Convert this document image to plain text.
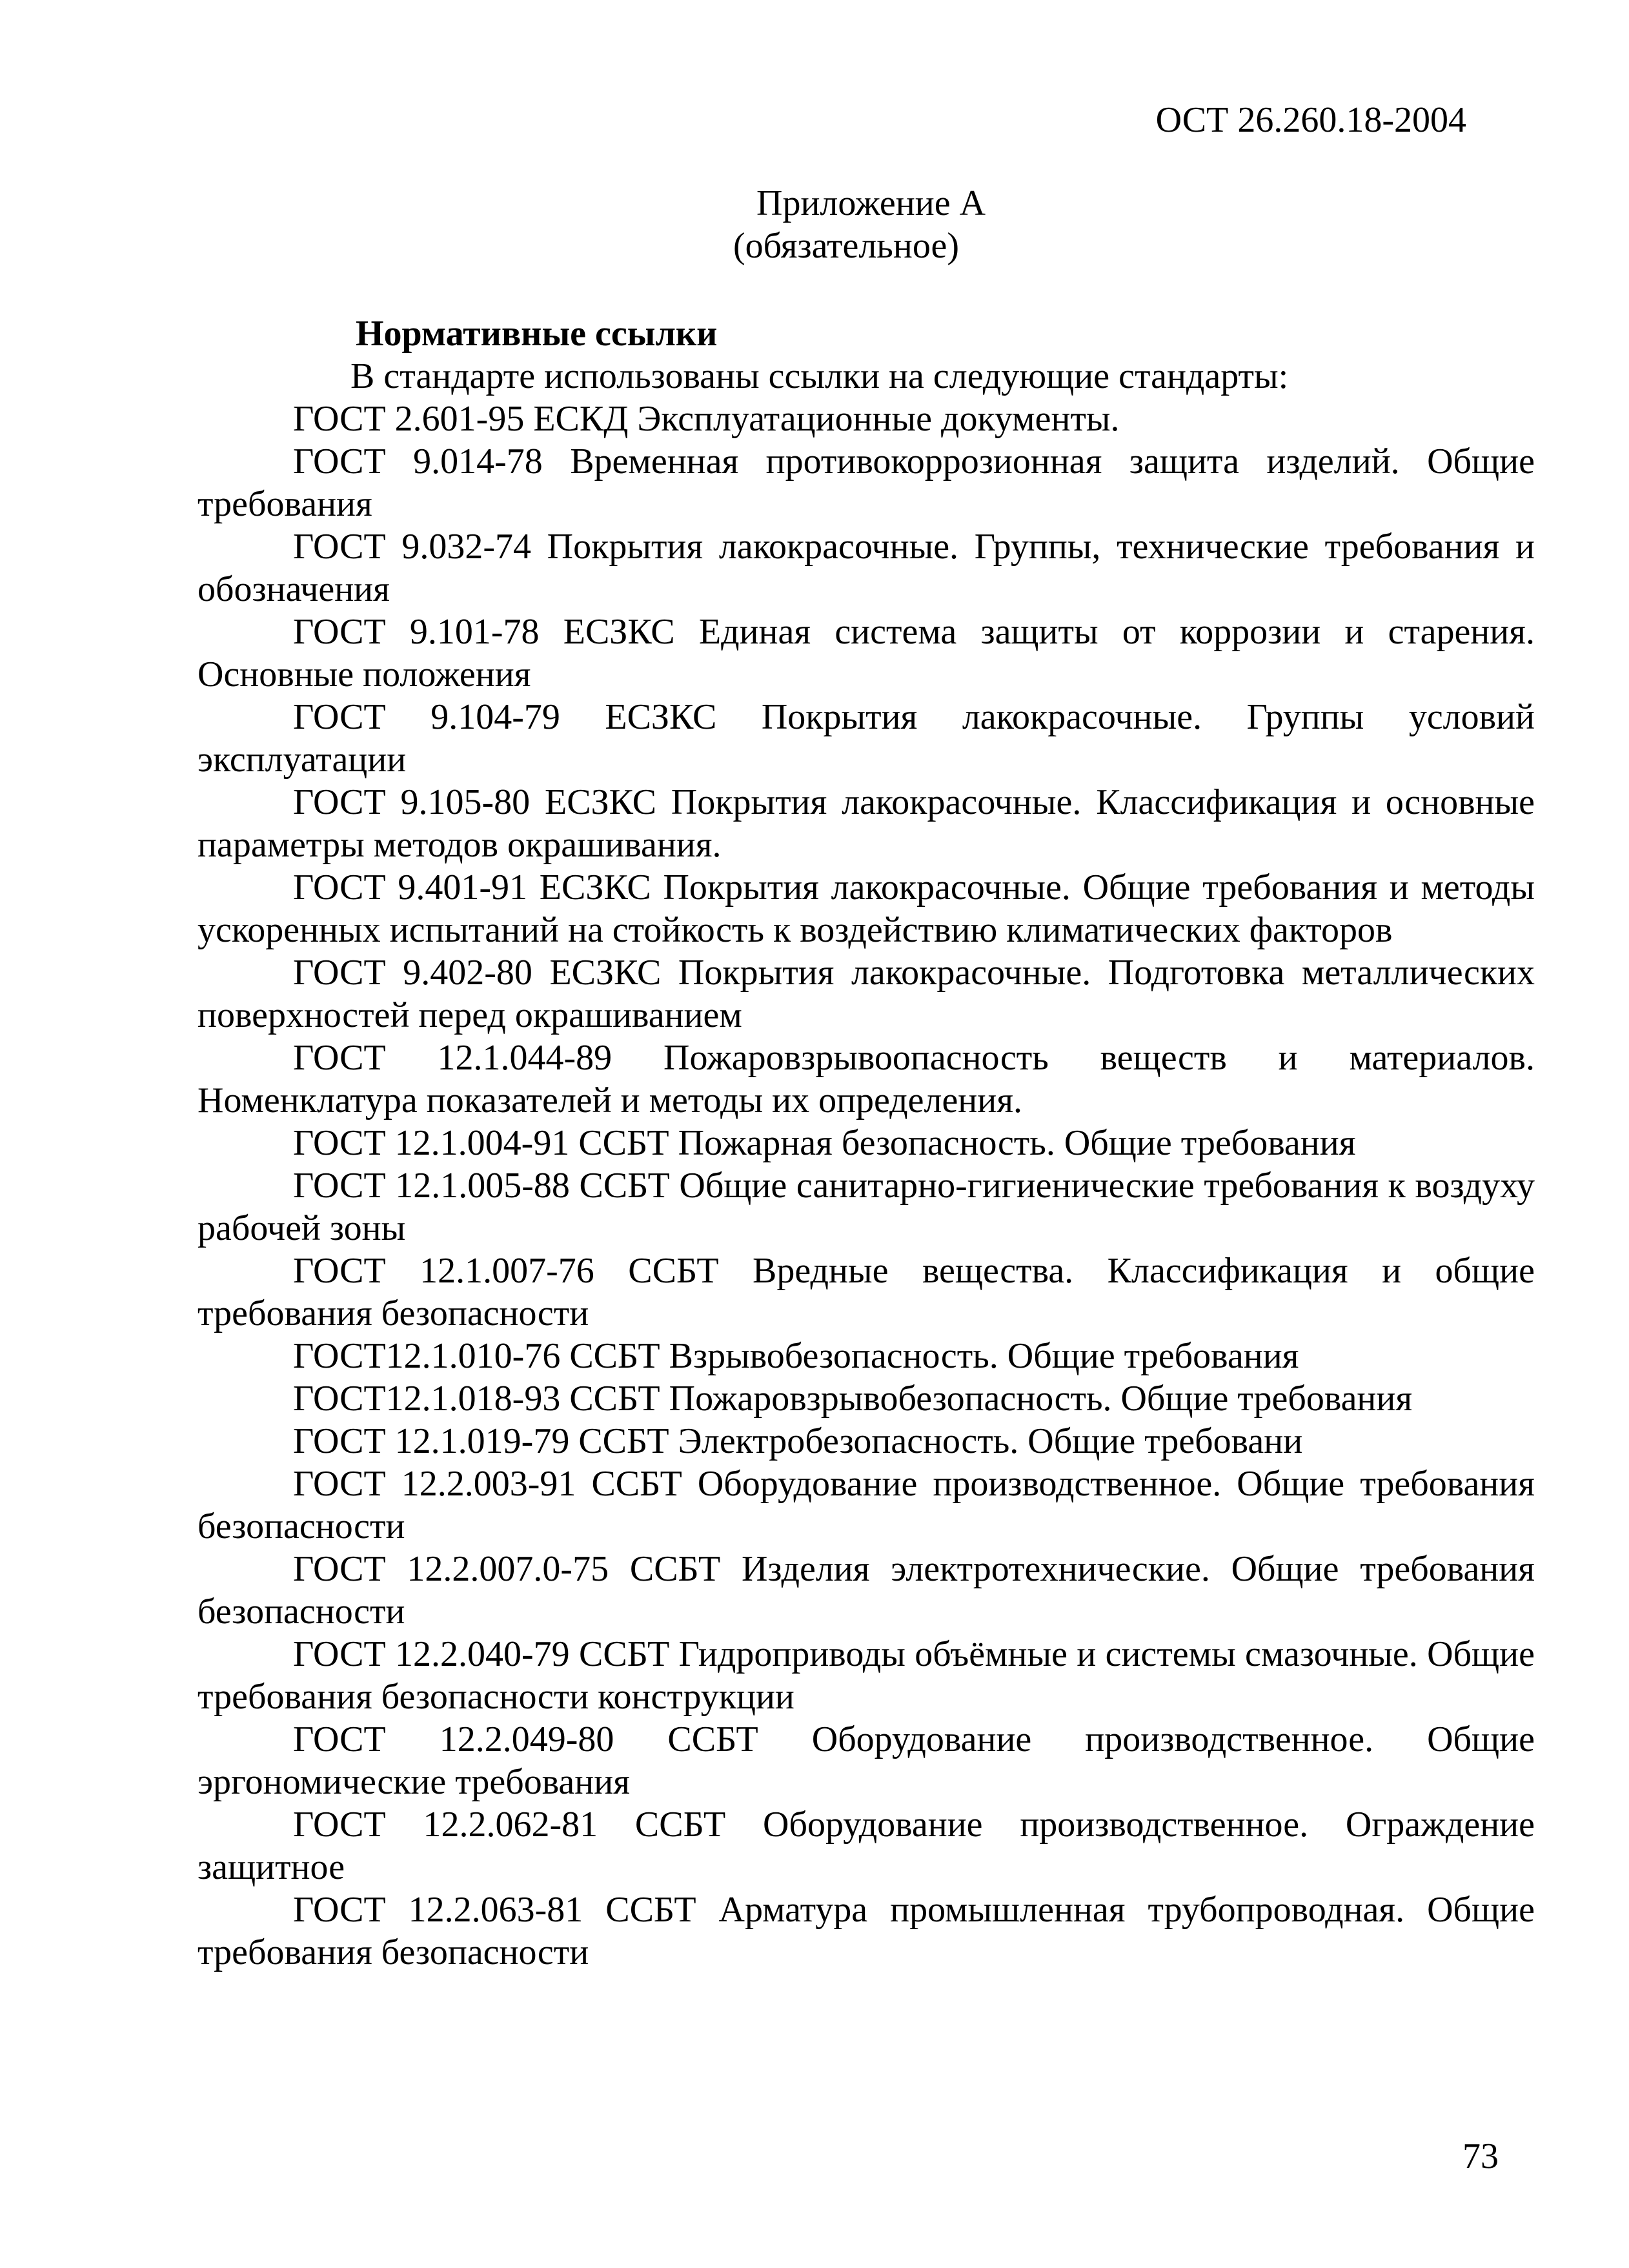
ОСТ 26.260.18-2004
Приложение А
(обязательное)
Нормативные ссылки
В стандарте использованы ссылки на следующие стандарты:

ГОСТ 2.601-95 ЕСКД Эксплуатационные документы.

ГОСТ 9.014-78 Временная противокоррозионная защита изделий. Общие требования

ГОСТ 9.032-74 Покрытия лакокрасочные. Группы, технические требования и обозначения

ГОСТ 9.101-78 ЕСЗКС Единая система защиты от коррозии и старения. Основные положения

ГОСТ 9.104-79 ЕСЗКС Покрытия лакокрасочные. Группы условий эксплуатации

ГОСТ 9.105-80 ЕСЗКС Покрытия лакокрасочные. Классификация и основные параметры методов окрашивания.

ГОСТ 9.401-91 ЕСЗКС Покрытия лакокрасочные. Общие требования и методы ускоренных испытаний на стойкость к воздействию климатических факторов

ГОСТ 9.402-80 ЕСЗКС Покрытия лакокрасочные. Подготовка металлических поверхностей перед окрашиванием

ГОСТ 12.1.044-89 Пожаровзрывоопасность веществ и материалов. Номенклатура показателей и методы их определения.

ГОСТ 12.1.004-91 ССБТ Пожарная безопасность. Общие требования

ГОСТ 12.1.005-88 ССБТ Общие санитарно-гигиенические требования к воздуху рабочей зоны

ГОСТ 12.1.007-76 ССБТ Вредные вещества. Классификация и общие требования безопасности

ГОСТ12.1.010-76 ССБТ Взрывобезопасность. Общие требования

ГОСТ12.1.018-93 ССБТ Пожаровзрывобезопасность. Общие требования

ГОСТ 12.1.019-79 ССБТ Электробезопасность. Общие требовани

ГОСТ 12.2.003-91 ССБТ Оборудование производственное. Общие требования безопасности

ГОСТ 12.2.007.0-75 ССБТ Изделия электротехнические. Общие требования безопасности

ГОСТ 12.2.040-79 ССБТ Гидроприводы объёмные и системы смазочные. Общие требования безопасности конструкции

ГОСТ 12.2.049-80 ССБТ Оборудование производственное. Общие эргономические требования

ГОСТ 12.2.062-81 ССБТ Оборудование производственное. Ограждение защитное

ГОСТ 12.2.063-81 ССБТ Арматура промышленная трубопроводная. Общие требования безопасности

73
